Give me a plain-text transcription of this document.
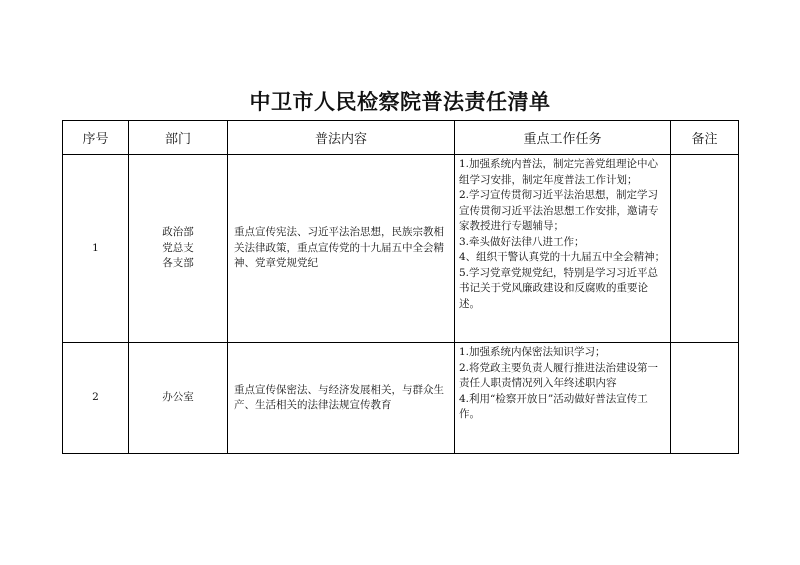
中卫市人民检察院普法责任清单
序号	部门	普法内容	重点工作任务	备注
1	政治部
党总支
各支部	重点宣传宪法、习近平法治思想，民族宗教相关法律政策，重点宣传党的十九届五中全会精神、党章党规党纪	1.加强系统内普法，制定完善党组理论中心组学习安排，制定年度普法工作计划；
2.学习宣传贯彻习近平法治思想，制定学习宣传贯彻习近平法治思想工作安排，邀请专家教授进行专题辅导；
3.牵头做好法律八进工作；
4、组织干警认真党的十九届五中全会精神；
5.学习党章党规党纪，特别是学习习近平总书记关于党风廉政建设和反腐败的重要论述。	

2	办公室	重点宣传保密法、与经济发展相关，与群众生产、生活相关的法律法规宣传教育	1.加强系统内保密法知识学习；
2.将党政主要负责人履行推进法治建设第一责任人职责情况列入年终述职内容
4.利用“检察开放日”活动做好普法宣传工作。	
